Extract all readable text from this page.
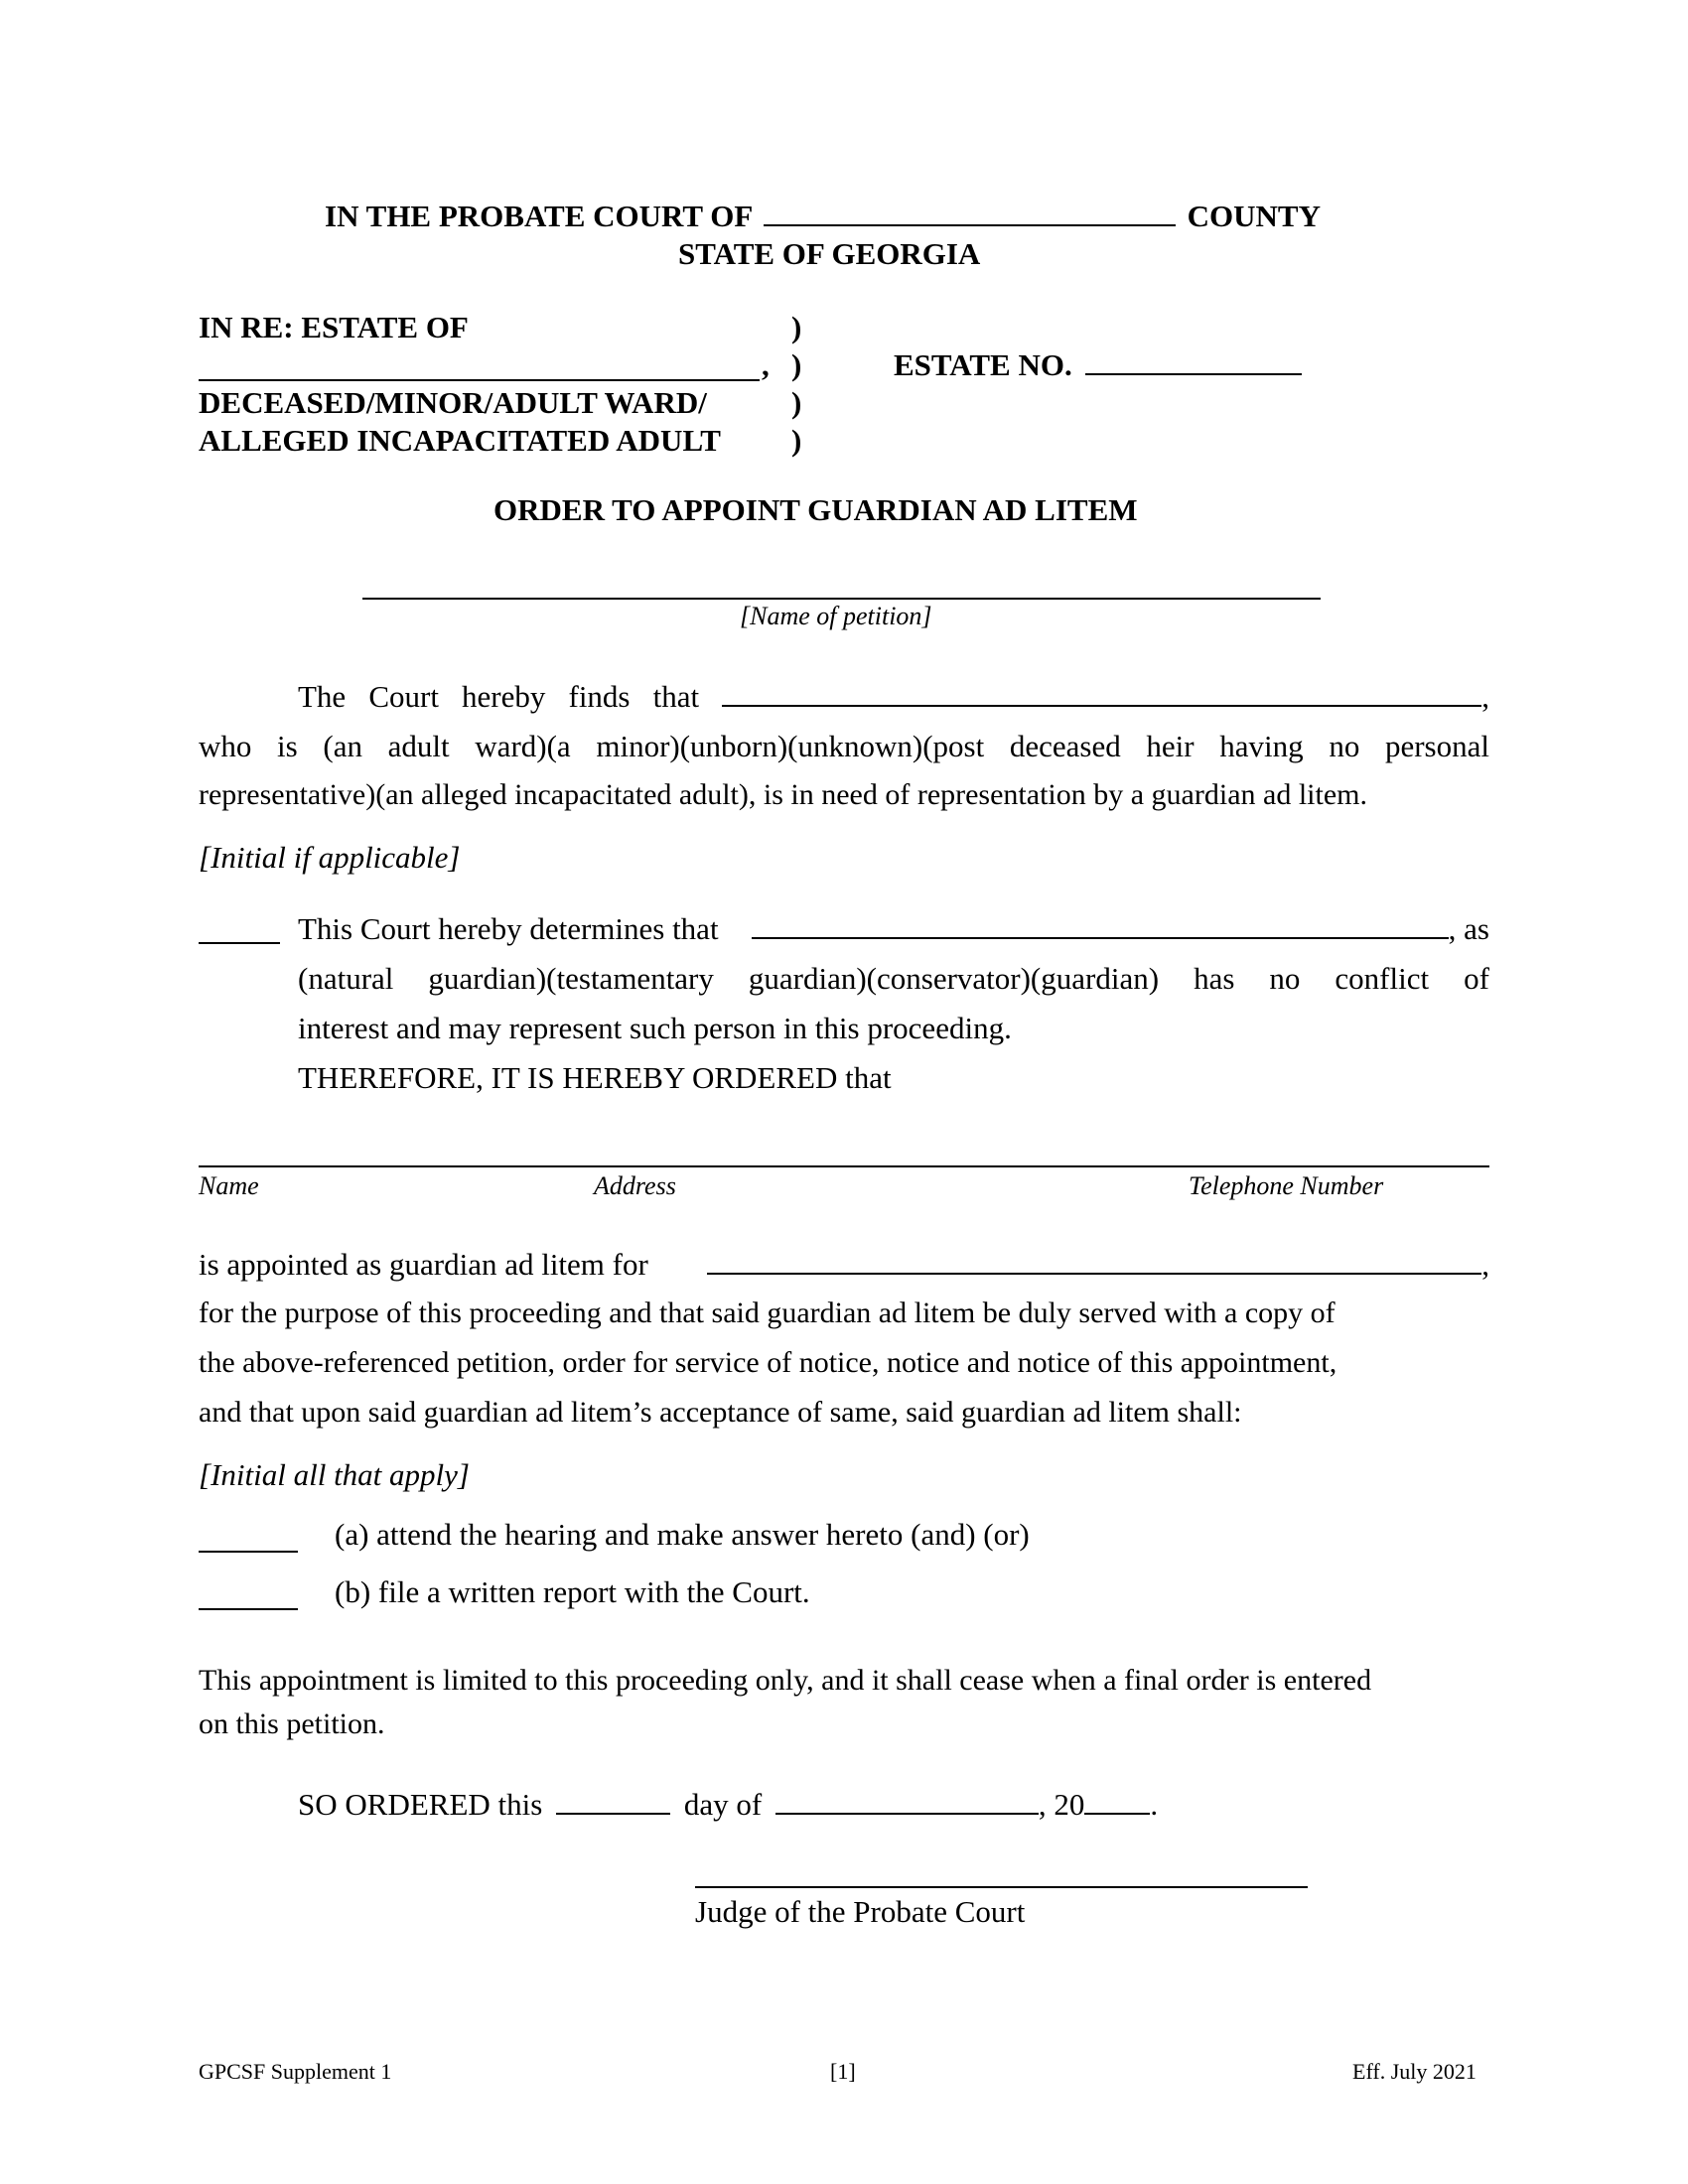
IN THE PROBATE COURT OF	COUNTY
STATE OF GEORGIA
IN RE: ESTATE OF	)
, )	ESTATE NO.
DECEASED/MINOR/ADULT WARD/	)
ALLEGED INCAPACITATED ADULT )
ORDER TO APPOINT GUARDIAN AD LITEM
[Name of petition]
The Court hereby finds that	,
who is (an adult ward)(a minor)(unborn)(unknown)(post deceased heir having no personal
representative)(an alleged incapacitated adult), is in need of representation by a guardian ad litem.
[Initial if applicable]
This Court hereby determines that	, as
(natural guardian)(testamentary guardian)(conservator)(guardian) has no conflict of
interest and may represent such person in this proceeding.
THEREFORE, IT IS HEREBY ORDERED that
Name	Address	Telephone Number
is appointed as guardian ad litem for	,
for the purpose of this proceeding and that said guardian ad litem be duly served with a copy of
the above-referenced petition, order for service of notice, notice and notice of this appointment,
and that upon said guardian ad litem’s acceptance of same, said guardian ad litem shall:
[Initial all that apply]
(a) attend the hearing and make answer hereto (and) (or)
(b) file a written report with the Court.
This appointment is limited to this proceeding only, and it shall cease when a final order is entered
on this petition.
SO ORDERED this	day of	, 20 .
Judge of the Probate Court
GPCSF Supplement 1	[1]	Eff. July 2021
